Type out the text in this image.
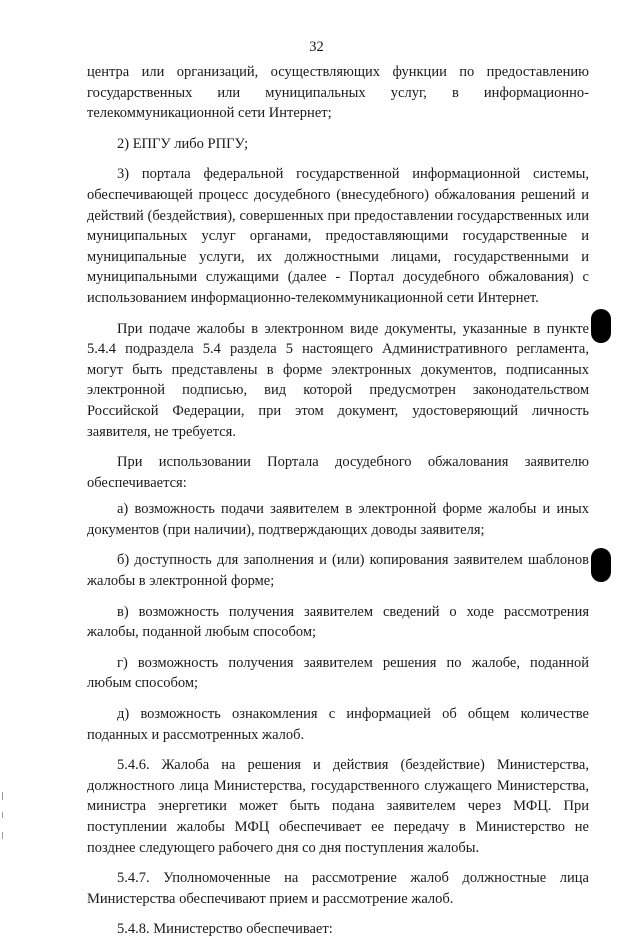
32

центра или организаций, осуществляющих функции по предоставлению государственных или муниципальных услуг, в информационно-телекоммуникационной сети Интернет;

2) ЕПГУ либо РПГУ;

3) портала федеральной государственной информационной системы, обеспечивающей процесс досудебного (внесудебного) обжалования решений и действий (бездействия), совершенных при предоставлении государственных или муниципальных услуг органами, предоставляющими государственные и муниципальные услуги, их должностными лицами, государственными и муниципальными служащими (далее - Портал досудебного обжалования) с использованием информационно-телекоммуникационной сети Интернет.

При подаче жалобы в электронном виде документы, указанные в пункте 5.4.4 подраздела 5.4 раздела 5 настоящего Административного регламента, могут быть представлены в форме электронных документов, подписанных электронной подписью, вид которой предусмотрен законодательством Российской Федерации, при этом документ, удостоверяющий личность заявителя, не требуется.

При использовании Портала досудебного обжалования заявителю обеспечивается:

а) возможность подачи заявителем в электронной форме жалобы и иных документов (при наличии), подтверждающих доводы заявителя;

б) доступность для заполнения и (или) копирования заявителем шаблонов жалобы в электронной форме;

в) возможность получения заявителем сведений о ходе рассмотрения жалобы, поданной любым способом;

г) возможность получения заявителем решения по жалобе, поданной любым способом;

д) возможность ознакомления с информацией об общем количестве поданных и рассмотренных жалоб.

5.4.6. Жалоба на решения и действия (бездействие) Министерства, должностного лица Министерства, государственного служащего Министерства, министра энергетики может быть подана заявителем через МФЦ. При поступлении жалобы МФЦ обеспечивает ее передачу в Министерство не позднее следующего рабочего дня со дня поступления жалобы.

5.4.7. Уполномоченные на рассмотрение жалоб должностные лица Министерства обеспечивают прием и рассмотрение жалоб.

5.4.8. Министерство обеспечивает:
